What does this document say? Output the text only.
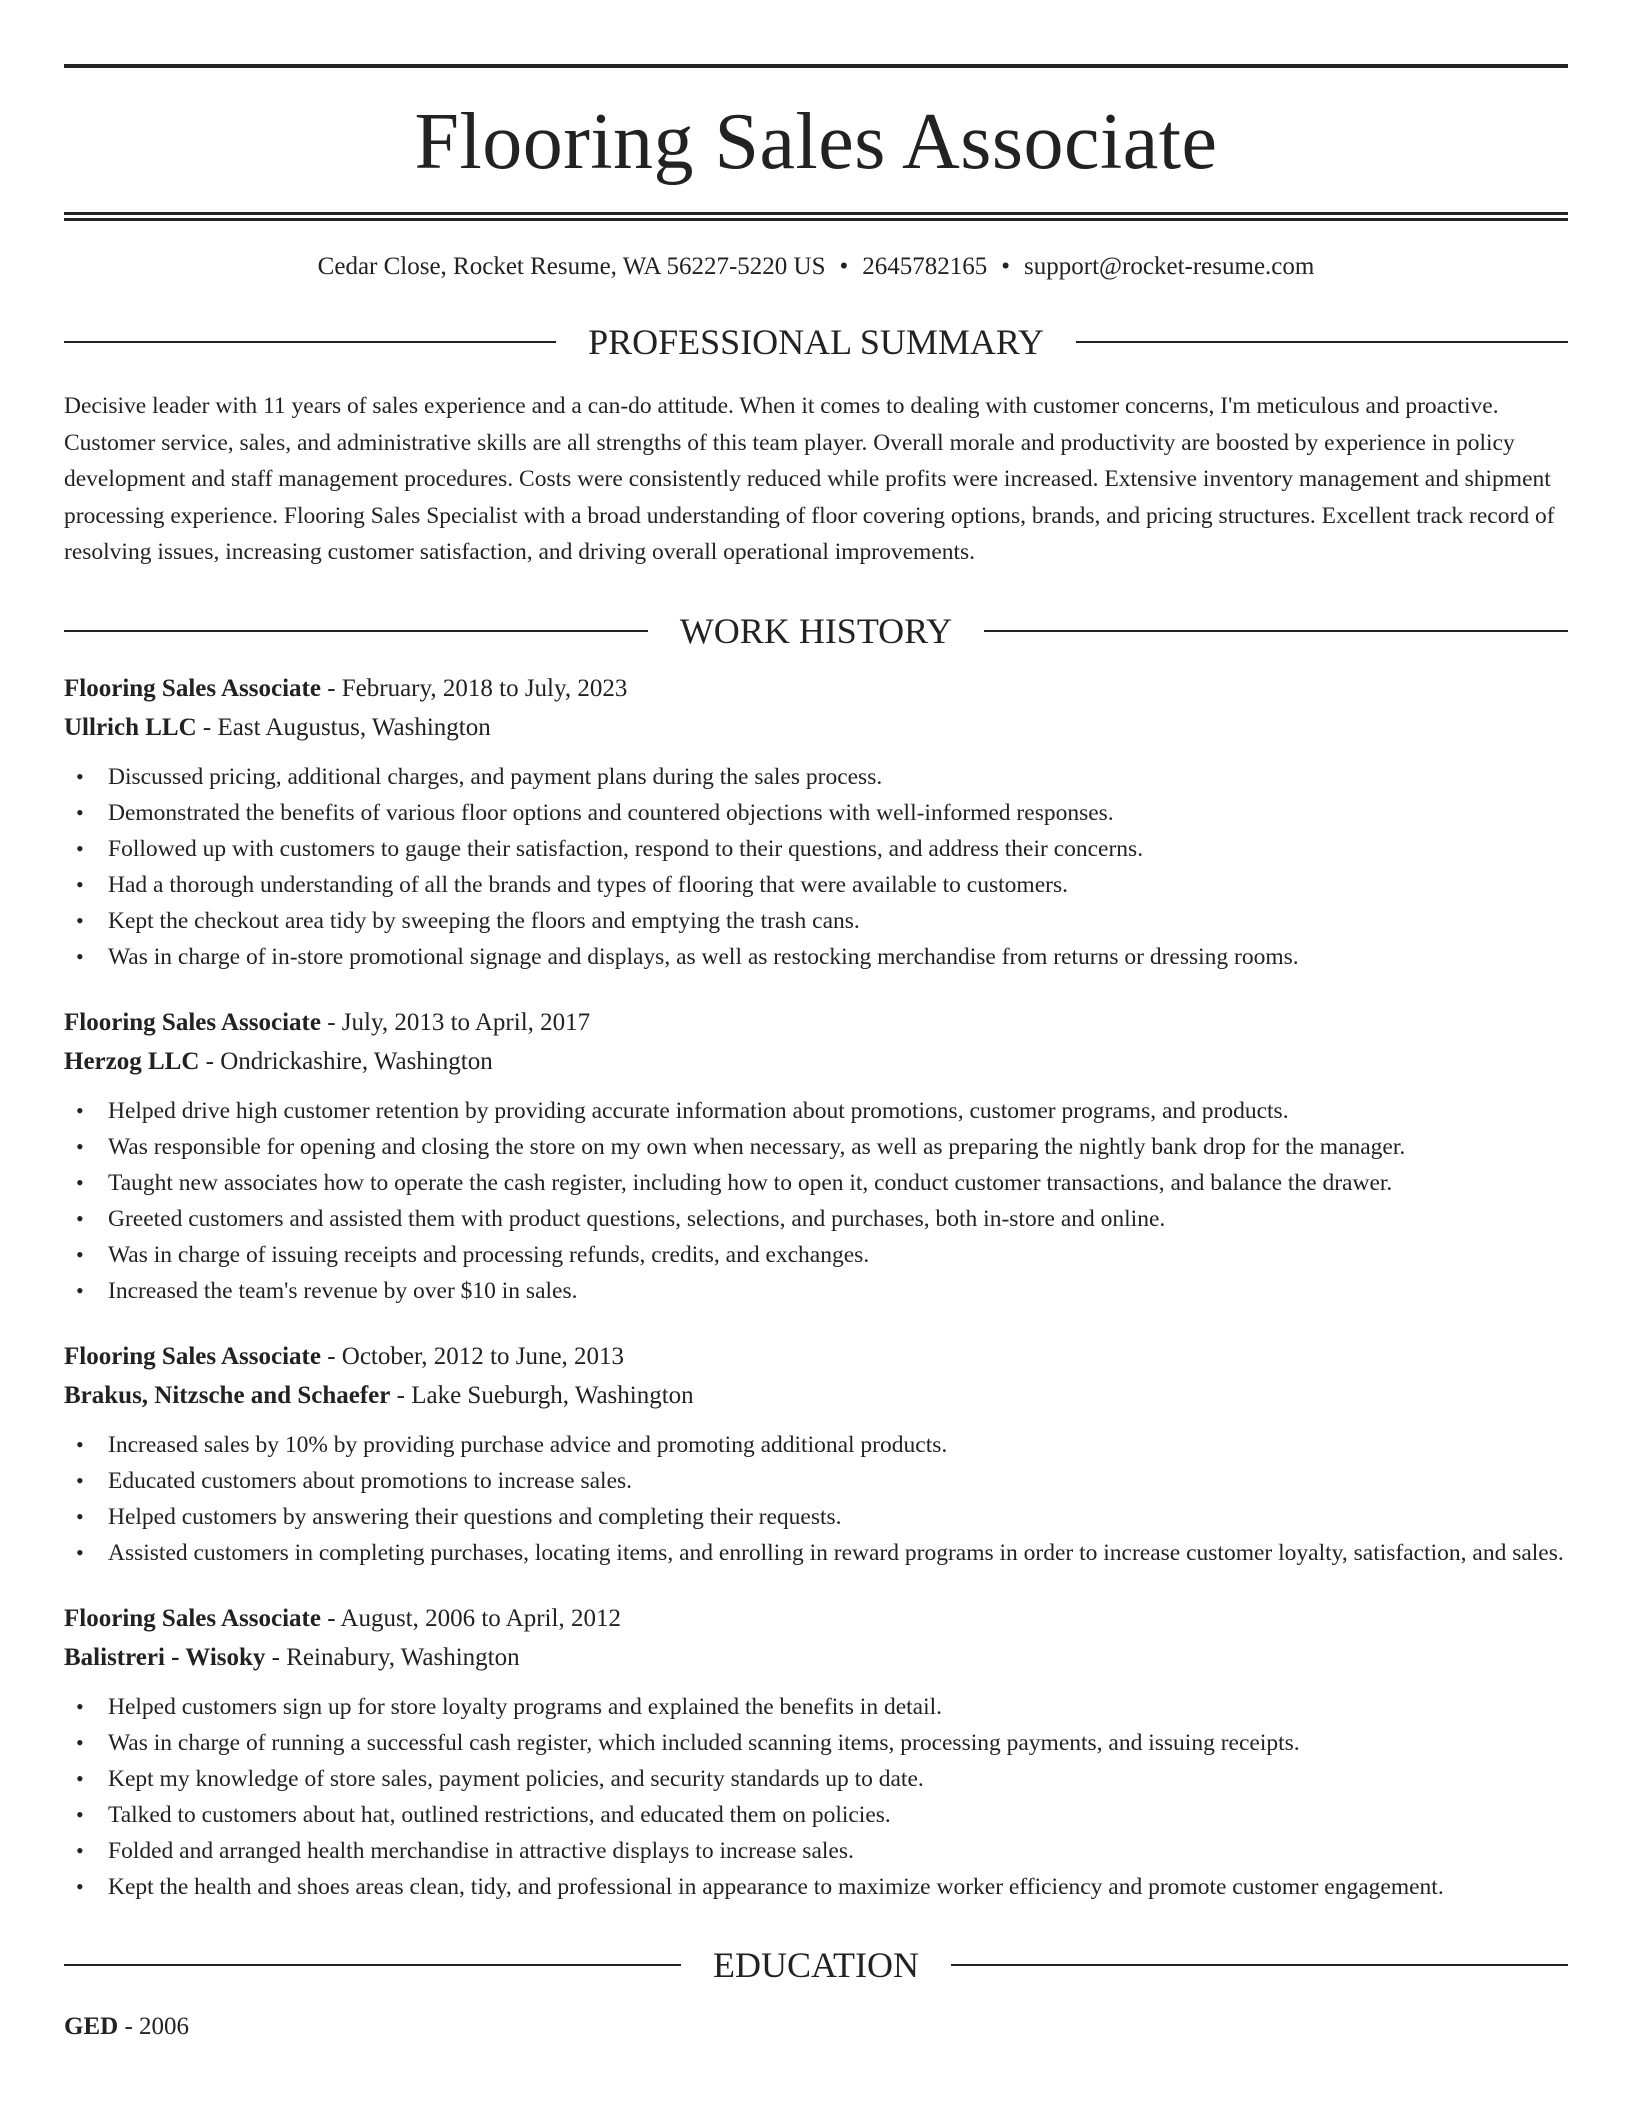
Flooring Sales Associate
Cedar Close, Rocket Resume, WA 56227-5220 US • 2645782165 • support@rocket-resume.com
PROFESSIONAL SUMMARY

Decisive leader with 11 years of sales experience and a can-do attitude. When it comes to dealing with customer concerns, I'm meticulous and proactive. Customer service, sales, and administrative skills are all strengths of this team player. Overall morale and productivity are boosted by experience in policy development and staff management procedures. Costs were consistently reduced while profits were increased. Extensive inventory management and shipment processing experience. Flooring Sales Specialist with a broad understanding of floor covering options, brands, and pricing structures. Excellent track record of resolving issues, increasing customer satisfaction, and driving overall operational improvements.

WORK HISTORY
Flooring Sales Associate - February, 2018 to July, 2023
Ullrich LLC - East Augustus, Washington
• Discussed pricing, additional charges, and payment plans during the sales process.
• Demonstrated the benefits of various floor options and countered objections with well-informed responses.
• Followed up with customers to gauge their satisfaction, respond to their questions, and address their concerns.
• Had a thorough understanding of all the brands and types of flooring that were available to customers.
• Kept the checkout area tidy by sweeping the floors and emptying the trash cans.
• Was in charge of in-store promotional signage and displays, as well as restocking merchandise from returns or dressing rooms.
Flooring Sales Associate - July, 2013 to April, 2017
Herzog LLC - Ondrickashire, Washington
• Helped drive high customer retention by providing accurate information about promotions, customer programs, and products.
• Was responsible for opening and closing the store on my own when necessary, as well as preparing the nightly bank drop for the manager.
• Taught new associates how to operate the cash register, including how to open it, conduct customer transactions, and balance the drawer.
• Greeted customers and assisted them with product questions, selections, and purchases, both in-store and online.
• Was in charge of issuing receipts and processing refunds, credits, and exchanges.
• Increased the team's revenue by over $10 in sales.
Flooring Sales Associate - October, 2012 to June, 2013
Brakus, Nitzsche and Schaefer - Lake Sueburgh, Washington
• Increased sales by 10% by providing purchase advice and promoting additional products.
• Educated customers about promotions to increase sales.
• Helped customers by answering their questions and completing their requests.
• Assisted customers in completing purchases, locating items, and enrolling in reward programs in order to increase customer loyalty, satisfaction, and sales.
Flooring Sales Associate - August, 2006 to April, 2012
Balistreri - Wisoky - Reinabury, Washington
• Helped customers sign up for store loyalty programs and explained the benefits in detail.
• Was in charge of running a successful cash register, which included scanning items, processing payments, and issuing receipts.
• Kept my knowledge of store sales, payment policies, and security standards up to date.
• Talked to customers about hat, outlined restrictions, and educated them on policies.
• Folded and arranged health merchandise in attractive displays to increase sales.
• Kept the health and shoes areas clean, tidy, and professional in appearance to maximize worker efficiency and promote customer engagement.
EDUCATION
GED - 2006
